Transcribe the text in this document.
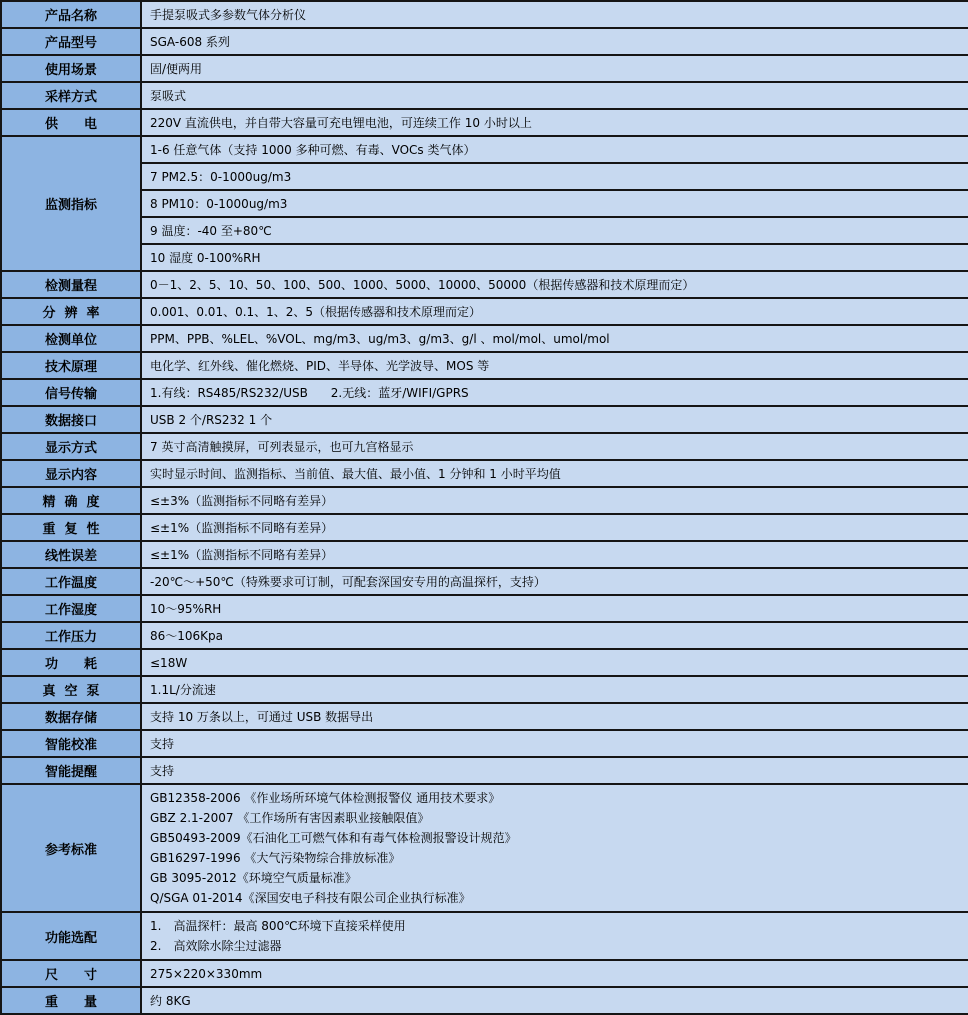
产品名称	手提泵吸式多参数气体分析仪
产品型号	SGA-608 系列
使用场景	固/便两用
采样方式	泵吸式
供　　电	220V 直流供电，并自带大容量可充电锂电池，可连续工作 10 小时以上
监测指标	1-6 任意气体（支持 1000 多种可燃、有毒、VOCs 类气体）
	7 PM2.5：0-1000ug/m3
	8 PM10：0-1000ug/m3
	9 温度：-40 至+80℃
	10 湿度 0-100%RH
检测量程	0－1、2、5、10、50、100、500、1000、5000、10000、50000（根据传感器和技术原理而定）
分  辨  率	0.001、0.01、0.1、1、2、5（根据传感器和技术原理而定）
检测单位	PPM、PPB、%LEL、%VOL、mg/m3、ug/m3、g/m3、g/l 、mol/mol、umol/mol
技术原理	电化学、红外线、催化燃烧、PID、半导体、光学波导、MOS 等
信号传输	1.有线：RS485/RS232/USB      2.无线：蓝牙/WIFI/GPRS
数据接口	USB 2 个/RS232 1 个
显示方式	7 英寸高清触摸屏，可列表显示，也可九宫格显示
显示内容	实时显示时间、监测指标、当前值、最大值、最小值、1 分钟和 1 小时平均值
精  确  度	≤±3%（监测指标不同略有差异）
重  复  性	≤±1%（监测指标不同略有差异）
线性误差	≤±1%（监测指标不同略有差异）
工作温度	-20℃～+50℃（特殊要求可订制，可配套深国安专用的高温探杆，支持）
工作湿度	10～95%RH
工作压力	86～106Kpa
功　　耗	≤18W
真  空  泵	1.1L/分流速
数据存储	支持 10 万条以上，可通过 USB 数据导出
智能校准	支持
智能提醒	支持
参考标准	
GB12358-2006 《作业场所环境气体检测报警仪 通用技术要求》
GBZ 2.1-2007 《工作场所有害因素职业接触限值》
GB50493-2009《石油化工可燃气体和有毒气体检测报警设计规范》
GB16297-1996 《大气污染物综合排放标准》
GB 3095-2012《环境空气质量标准》
Q/SGA 01-2014《深国安电子科技有限公司企业执行标准》

功能选配	1.　高温探杆：最高 800℃环境下直接采样使用
2.　高效除水除尘过滤器

尺　　寸	275×220×330mm
重　　量	约 8KG
